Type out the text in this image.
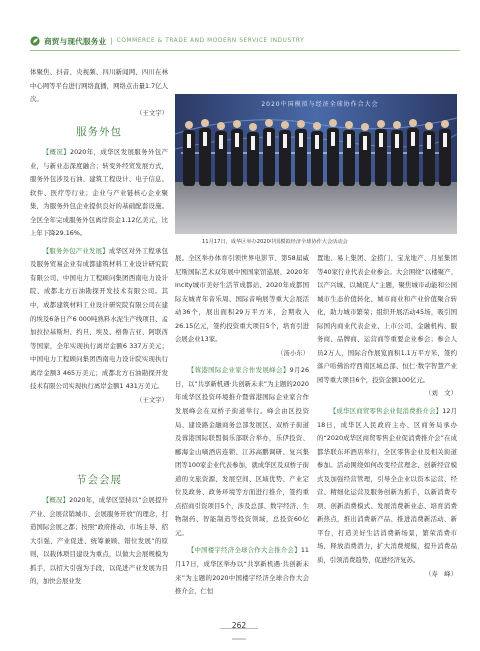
商贸与现代服务业 | COMMERCE & TRADE AND MODERN SERVICE INDUSTRY

体聚焦、抖音、央视频、四川新闻网、四川在林中心网等平台进行网络直播，网络点击量1.7亿人次。

（王文宇）

服务外包

【概况】2020年，成华区发展服务外包产业，与新业态深度融合；转变外经贸发展方式，服务外包涉及石油、建筑工程设计、电子信息、软件、医疗等行业；企业与产业链核心企业聚集，为服务外包企业提供良好的基础配套设施。全区全年完成服务外包离岸资金1.12亿美元，比上年下降29.16%。

【服务外包产业发展】成华区对外工程承包及服务贸易企业有成都建筑材料工业设计研究院有限公司、中国电力工程顾问集团西南电力设计院、成都北方石油勘探开发技术有限公司。其中，成都建筑材料工业设计研究院有限公司在建的埃及6条日产6 000吨熟料水泥生产线项目、孟加拉拉基斯坦、约旦、埃及、格鲁吉亚、阿联酋等国家，全年实现执行离岸金额6 337万美元；中国电力工程顾问集团西南电力设计院实现执行离岸金额3 465万美元；成都北方石油勘探开发技术有限公司实现执行离岸金额1 431万美元。

（王文宇）

节会会展

【概况】2020年，成华区坚持以“会展提升产业、会展营销城市、会展服务开放”的理念，打造国际会展之都；按照“政府推动、市场主导、招大引强、产业促进、统筹兼顾、错位发展”的原则，以载体项目建设为重点，以做大会展规模为抓手，以招大引强为手段，以促进产业发展为目的，加快会展业发

2020中国模拟与经济全球协作合大会
11月17日，成华区举办2020中国模拟经济全球协作大会活动会

展。全区举办体育引领世界电影节、第58届威尼斯国际艺术双年展中国国家馆巡展、2020年incity城市美好生活节成都站、2020年成都国际友城青年音乐周、国际音响展等重大会展活动36个，展出面积29万平方米，会期收入26.15亿元，签约投资重大项目5个，培育引进会展企业13家。

（汤小东）

【蓉港国际企业家合作发展峰会】9月26日，以“共享新机遇·共创新未来”为主题的2020年成华区投资环境推介暨蓉港国际企业家合作发展峰会在双桥子街道举行。峰会由区投资局、建设路金融商务总部发展区、双桥子街道及蓉港国际联盟俱乐部联合举办，乐伊投资、郦海金山嘀酒店连锁、江苏高鹏调研、复兴集团等100家企业代表参加，就成华区及双桥子街道的文旅资源、发展空间、区域优势、产业定位及政务、政务环境等方面进行推介，签约重点招商引资项目5个，涉及总部、数字经济、生物制药、智能制造等投资领域，总投资60亿元。

【中国楼宇经济全球合作大会推介会】11月17日，成华区举办以“共享新机遇·共创新未来”为主题的2020中国楼宇经济全球合作大会推介会，仁恒

置地、易上集团、金捞门、宝龙地产、月星集团等40家行业代表企业参会。大会围绕“以楼聚产、以产兴城、以城促人”主题，聚焦城市动能和公园城市生态价值转化、城市商业和产业价值聚合转化，助力城市繁荣；组织开展活动45场，吸引国际国内商业代表企业、上市公司、金融机构、服务商、品牌商、运营商等重要企业参会；参会人员2万人，国际合作展览面积1.1万平方米，签约落户哈佛治疗西南区域总部、恒仁·数字智慧产业园等重大项目6个，投资金额100亿元。

（刘　文）

【成华区商贸零售企业促消费推介会】12月18日，成华区人民政府主办、区商务局承办的“2020成华区商贸零售企业促消费推介会”在成都华联东环酒店举行，全区零售企业及相关街道参加。活动围绕如何改变经营理念、创新经营模式及加强经营管理，引导全企业以资本运营、经营、精细化运营及服务创新为抓手，以新消费专项、创新消费模式、发展消费新业态、培育消费新热点，推出消费新产品、推进消费新活动、新平台，打造美好生活消费新场景，繁荣消费市场，释放消费潜力，扩大消费规模，提升消费品质，引领消费趋势，促进经济复苏。

（寿　峰）

262
